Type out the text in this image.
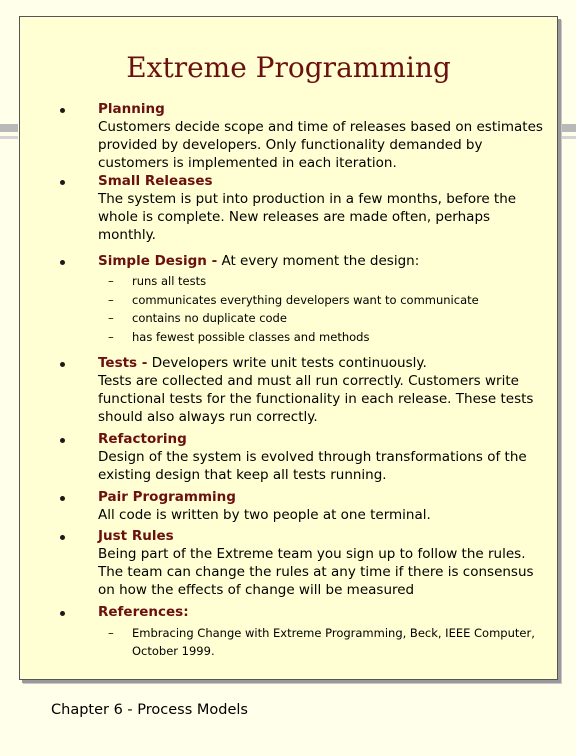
Extreme Programming
Planning
Customers decide scope and time of releases based on estimates
provided by developers. Only functionality demanded by
customers is implemented in each iteration.
Small Releases
The system is put into production in a few months, before the
whole is complete. New releases are made often, perhaps
monthly.
Simple Design - At every moment the design:
– runs all tests
– communicates everything developers want to communicate
– contains no duplicate code
– has fewest possible classes and methods
Tests - Developers write unit tests continuously.
Tests are collected and must all run correctly. Customers write
functional tests for the functionality in each release. These tests
should also always run correctly.
Refactoring
Design of the system is evolved through transformations of the
existing design that keep all tests running.
Pair Programming
All code is written by two people at one terminal.
Just Rules
Being part of the Extreme team you sign up to follow the rules.
The team can change the rules at any time if there is consensus
on how the effects of change will be measured
References:
– Embracing Change with Extreme Programming, Beck, IEEE Computer,
October 1999.

Chapter 6 - Process Models
